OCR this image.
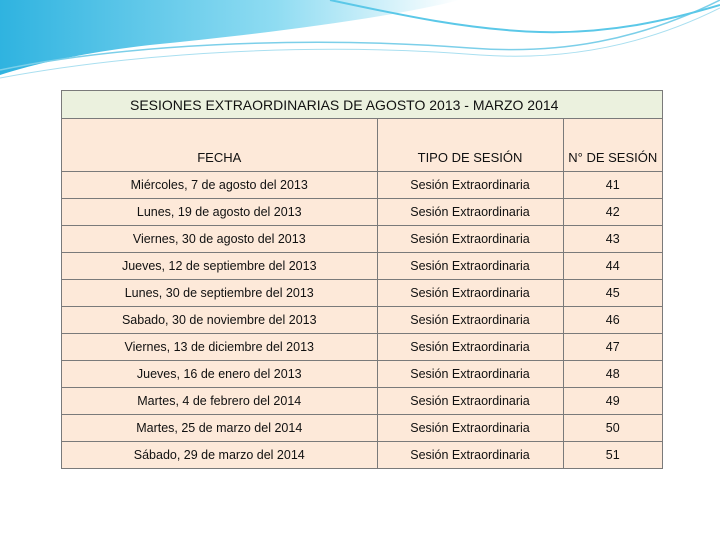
SESIONES EXTRAORDINARIAS DE AGOSTO 2013 - MARZO 2014
FECHA	TIPO DE SESIÓN	N° DE SESIÓN
Miércoles, 7 de agosto del 2013	Sesión Extraordinaria	41
Lunes, 19 de agosto del 2013	Sesión Extraordinaria	42
Viernes, 30 de agosto del 2013	Sesión Extraordinaria	43
Jueves, 12 de septiembre del 2013	Sesión Extraordinaria	44
Lunes, 30 de septiembre del 2013	Sesión Extraordinaria	45
Sabado, 30 de noviembre del 2013	Sesión Extraordinaria	46
Viernes, 13 de diciembre del 2013	Sesión Extraordinaria	47
Jueves, 16 de enero del 2013	Sesión Extraordinaria	48
Martes, 4 de febrero del 2014	Sesión Extraordinaria	49
Martes, 25 de marzo del 2014	Sesión Extraordinaria	50
Sábado, 29 de marzo del 2014	Sesión Extraordinaria	51
